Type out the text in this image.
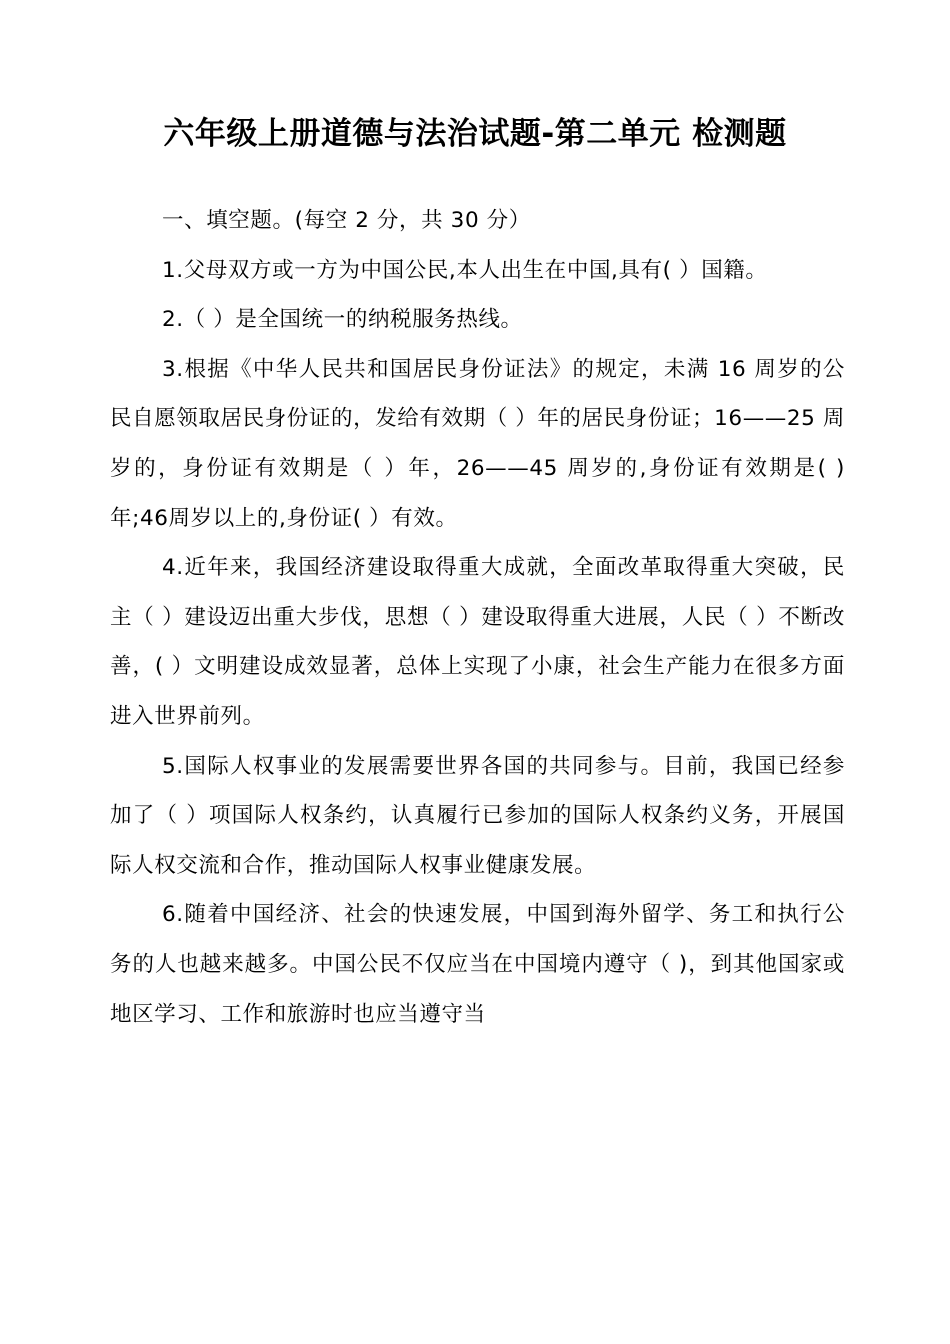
六年级上册道德与法治试题-第二单元 检测题

一、填空题。(每空 2 分，共 30 分）

1.父母双方或一方为中国公民,本人出生在中国,具有( ）国籍。

2.（ ）是全国统一的纳税服务热线。

3.根据《中华人民共和国居民身份证法》的规定，未满 16 周岁的公民自愿领取居民身份证的，发给有效期（ ）年的居民身份证；16——25 周岁的，身份证有效期是（ ）年，26——45 周岁的,身份证有效期是( )年;46周岁以上的,身份证( ）有效。

4.近年来，我国经济建设取得重大成就，全面改革取得重大突破，民主（ ）建设迈出重大步伐，思想（ ）建设取得重大进展，人民（ ）不断改善，( ）文明建设成效显著，总体上实现了小康，社会生产能力在很多方面进入世界前列。

5.国际人权事业的发展需要世界各国的共同参与。目前，我国已经参加了（ ）项国际人权条约，认真履行已参加的国际人权条约义务，开展国际人权交流和合作，推动国际人权事业健康发展。

6.随着中国经济、社会的快速发展，中国到海外留学、务工和执行公务的人也越来越多。中国公民不仅应当在中国境内遵守（ )，到其他国家或地区学习、工作和旅游时也应当遵守当
